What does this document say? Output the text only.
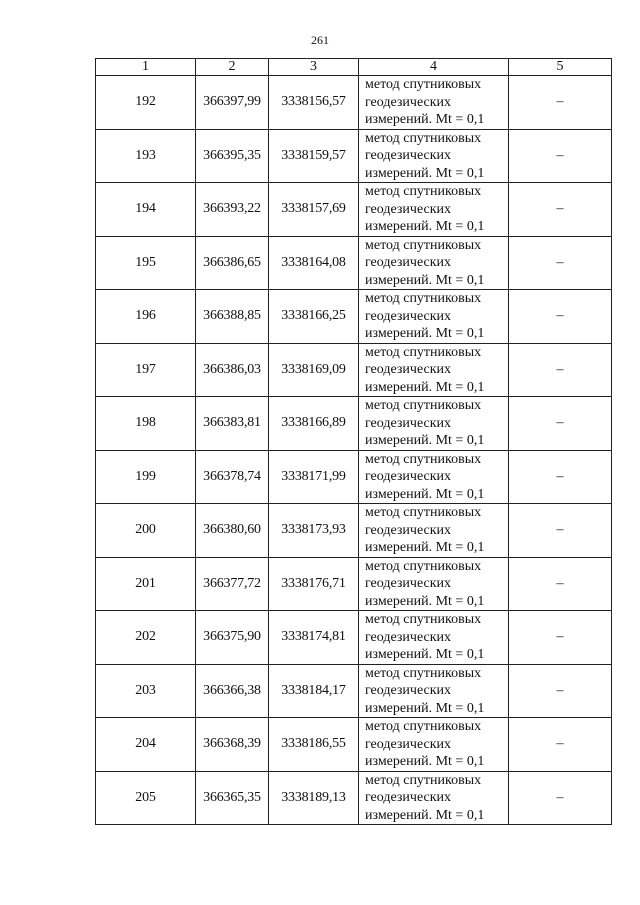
261
1	2	3	4	5
192	366397,99	3338156,57	метод спутниковых
геодезических
измерений. Mt = 0,1	–
193	366395,35	3338159,57	метод спутниковых
геодезических
измерений. Mt = 0,1	–
194	366393,22	3338157,69	метод спутниковых
геодезических
измерений. Mt = 0,1	–
195	366386,65	3338164,08	метод спутниковых
геодезических
измерений. Mt = 0,1	–
196	366388,85	3338166,25	метод спутниковых
геодезических
измерений. Mt = 0,1	–
197	366386,03	3338169,09	метод спутниковых
геодезических
измерений. Mt = 0,1	–
198	366383,81	3338166,89	метод спутниковых
геодезических
измерений. Mt = 0,1	–
199	366378,74	3338171,99	метод спутниковых
геодезических
измерений. Mt = 0,1	–
200	366380,60	3338173,93	метод спутниковых
геодезических
измерений. Mt = 0,1	–
201	366377,72	3338176,71	метод спутниковых
геодезических
измерений. Mt = 0,1	–
202	366375,90	3338174,81	метод спутниковых
геодезических
измерений. Mt = 0,1	–
203	366366,38	3338184,17	метод спутниковых
геодезических
измерений. Mt = 0,1	–
204	366368,39	3338186,55	метод спутниковых
геодезических
измерений. Mt = 0,1	–
205	366365,35	3338189,13	метод спутниковых
геодезических
измерений. Mt = 0,1	–
